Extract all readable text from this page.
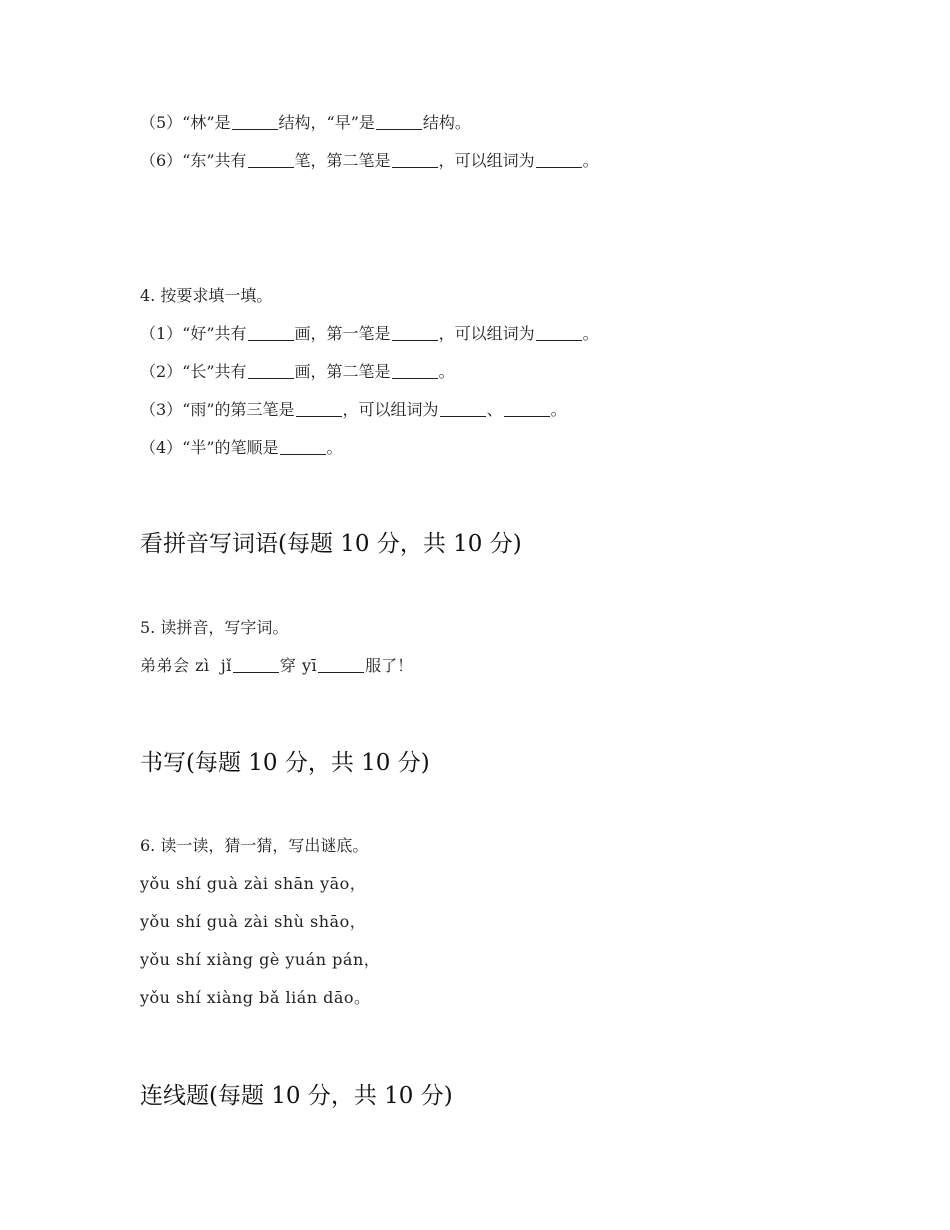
（5）“林”是	结构，“早”是	结构。
（6）“东”共有	笔，第二笔是	，可以组词为	。
4. 按要求填一填。
（1）“好”共有	画，第一笔是	，可以组词为	。
（2）“长”共有	画，第二笔是	。
（3）“雨”的第三笔是	，可以组词为	、	。
（4）“半”的笔顺是	。
看拼音写词语(每题 10 分，共 10 分)
5. 读拼音，写字词。
弟弟会 zì  jǐ	穿 yī	服了！
书写(每题 10 分，共 10 分)
6. 读一读，猜一猜，写出谜底。
yǒu shí guà zài shān yāo，
yǒu shí guà zài shù shāo，
yǒu shí xiàng gè yuán pán，
yǒu shí xiàng bǎ lián dāo。
连线题(每题 10 分，共 10 分)
